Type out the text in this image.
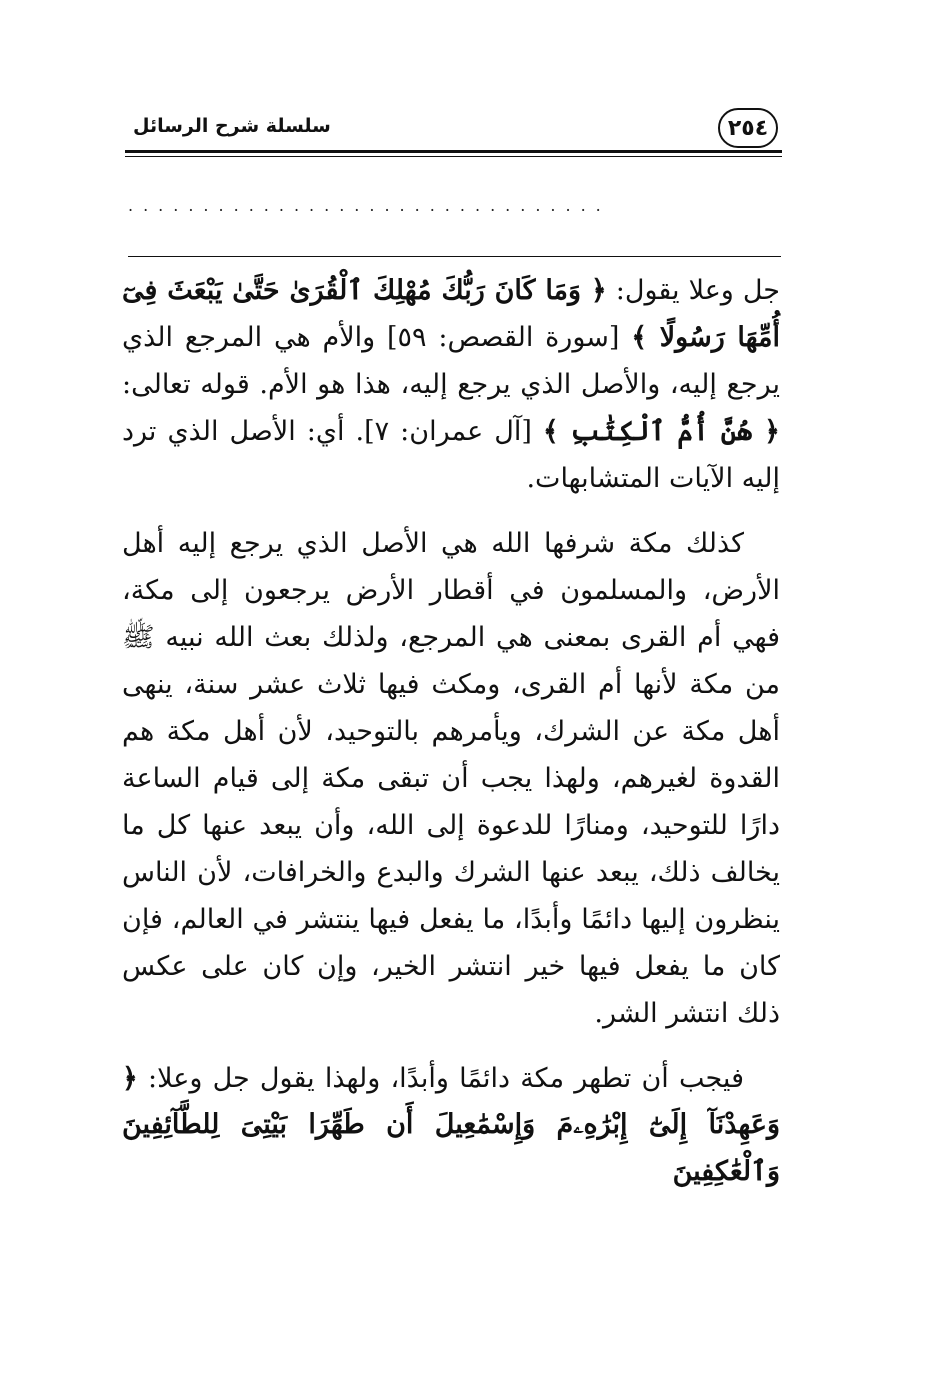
سلسلة شرح الرسائل	٢٥٤
................................

جل وعلا يقول: ﴿ وَمَا كَانَ رَبُّكَ مُهْلِكَ ٱلْقُرَىٰ حَتَّىٰ يَبْعَثَ فِىٓ أُمِّهَا رَسُولًا ﴾ [سورة القصص: ٥٩] والأم هي المرجع الذي يرجع إليه، والأصل الذي يرجع إليه، هذا هو الأم. قوله تعالى: ﴿ هُنَّ أُمُّ ٱلْكِتَٰبِ ﴾ [آل عمران: ٧]. أي: الأصل الذي ترد إليه الآيات المتشابهات.

كذلك مكة شرفها الله هي الأصل الذي يرجع إليه أهل الأرض، والمسلمون في أقطار الأرض يرجعون إلى مكة، فهي أم القرى بمعنى هي المرجع، ولذلك بعث الله نبيه ﷺ من مكة لأنها أم القرى، ومكث فيها ثلاث عشر سنة، ينهى أهل مكة عن الشرك، ويأمرهم بالتوحيد، لأن أهل مكة هم القدوة لغيرهم، ولهذا يجب أن تبقى مكة إلى قيام الساعة دارًا للتوحيد، ومنارًا للدعوة إلى الله، وأن يبعد عنها كل ما يخالف ذلك، يبعد عنها الشرك والبدع والخرافات، لأن الناس ينظرون إليها دائمًا وأبدًا، ما يفعل فيها ينتشر في العالم، فإن كان ما يفعل فيها خير انتشر الخير، وإن كان على عكس ذلك انتشر الشر.

فيجب أن تطهر مكة دائمًا وأبدًا، ولهذا يقول جل وعلا: ﴿ وَعَهِدْنَآ إِلَىٰٓ إِبْرَٰهِۦمَ وَإِسْمَٰعِيلَ أَن طَهِّرَا بَيْتِىَ لِلطَّآئِفِينَ وَٱلْعَٰكِفِينَ
